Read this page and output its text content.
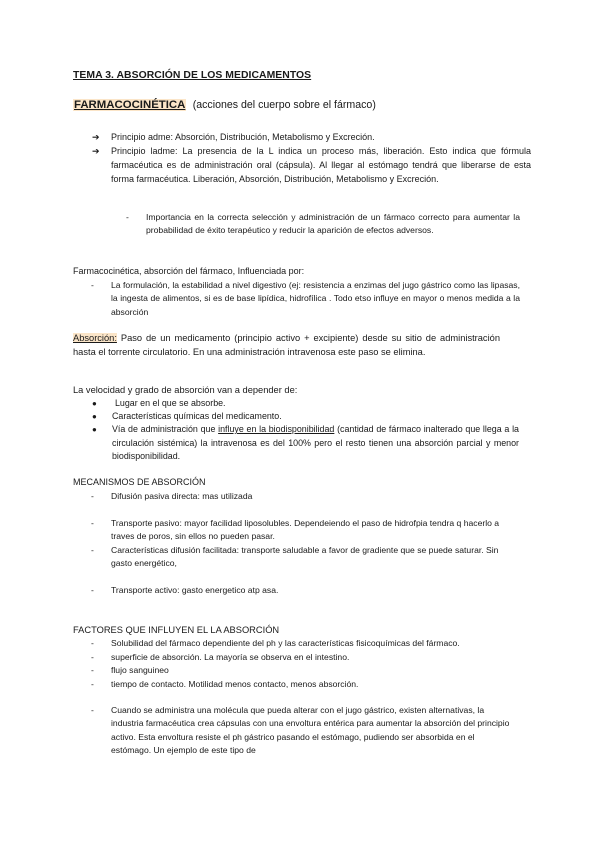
TEMA 3. ABSORCIÓN DE LOS MEDICAMENTOS
FARMACOCINÉTICA (acciones del cuerpo sobre el fármaco)
➔ Principio adme: Absorción, Distribución, Metabolismo y Excreción.
➔ Principio ladme: La presencia de la L indica un proceso más, liberación. Esto indica que fórmula farmacéutica es de administración oral (cápsula). Al llegar al estómago tendrá que liberarse de esta forma farmacéutica. Liberación, Absorción, Distribución, Metabolismo y Excreción.
- Importancia en la correcta selección y administración de un fármaco correcto para aumentar la probabilidad de éxito terapéutico y reducir la aparición de efectos adversos.
Farmacocinética, absorción del fármaco, Influenciada por:
- La formulación, la estabilidad a nivel digestivo (ej: resistencia a enzimas del jugo gástrico como las lipasas, la ingesta de alimentos, si es de base lipídica, hidrofílica . Todo etso influye en mayor o menos medida a la absorción
Absorción: Paso de un medicamento (principio activo + excipiente) desde su sitio de administración hasta el torrente circulatorio. En una administración intravenosa este paso se elimina.
La velocidad y grado de absorción van a depender de:
●	Lugar en el que se absorbe.
● Características químicas del medicamento.
● Vía de administración que influye en la biodisponibilidad (cantidad de fármaco inalterado que llega a la circulación sistémica) la intravenosa es del 100% pero el resto tienen una absorción parcial y menor biodisponibilidad.
MECANISMOS DE ABSORCIÓN
- Difusión pasiva directa: mas utilizada
- Transporte pasivo: mayor facilidad liposolubles. Dependeiendo el paso de hidrofpia tendra q hacerlo a traves de poros, sin ellos no pueden pasar.
- Características difusión facilitada: transporte saludable a favor de gradiente que se puede saturar. Sin gasto energético,
- Transporte activo: gasto energetico atp asa.
FACTORES QUE INFLUYEN EL LA ABSORCIÓN
- Solubilidad del fármaco dependiente del ph y las características fisicoquímicas del fármaco.
- superficie de absorción. La mayoría se observa en el intestino.
- flujo sanguineo
- tiempo de contacto. Motilidad menos contacto, menos absorción.
- Cuando se administra una molécula que pueda alterar con el jugo gástrico, existen alternativas, la industria farmacéutica crea cápsulas con una envoltura entérica para aumentar la absorción del principio activo. Esta envoltura resiste el ph gástrico pasando el estómago, pudiendo ser absorbida en el estómago. Un ejemplo de este tipo de
